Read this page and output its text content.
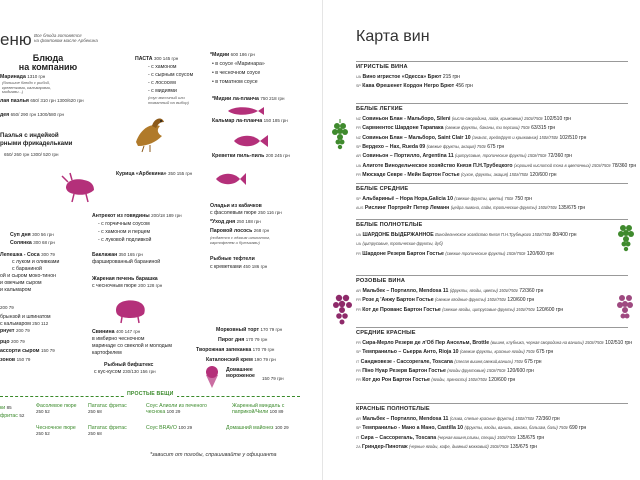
еню Все блюда готовятся
на флмповом масле Арбекина
Блюда
на компанию
Маринада 1310 грн
(большое блюдо с рыбой, креветками, кальмарами, мидиями...)
лая паэлья 650/ 310 грн 1300/620 грн
дея 650/ 290 грн 1300/580 грн
Паэлья с индейкой
рными фрикадельками
650/ 260 грн 1300/ 520 грн
Суп дня 300 56 грн
Солянка 300 68 грн
Лепешка - Соса 300 79
с луком и оливками
с бараниной
ой и сыром моко-тинон
и овечьим сыром
и кальмаром
200 79
брынзой и шпинатом
с кальмаром 250 112
рнует 200 79
рцо 200 79
ассорти сыром 150 79
зонов 150 79
ПАСТА 300 145 грн
- с хамоном
- с сырным соусом
- с лососем
- с мидиями
(соус мясочный или томатный на выбор)
Курица «Арбекина» 350 155 грн
Антрекот из говядины 200/18 189 грн
- с горчичным соусом
- с хамоном и перцем
- с луковой подливкой
Баклажан 350 165 грн
фаршированный бараниной
Жареная печень барашка
с чесночным пюре 200 128 грн
Свинина 400 147 грн
в имбирно чесночном
маринаде со свеклой и молодым
картофелем
Рыбный бифштекс
с кус-кусом 230/130 156 грн
*Мидии 600 186 грн
• в соусе «Маринара»
• в чесночном соусе
• в томатном соусе
*Мидии ла-планча 750 218 грн
Кальмар ла-планча 150 185 грн
Креветки пиль-пиль 200 245 грн
Оладьи из кабачков
с фасолевым пюре 250 116 грн
*Уход дня 250 188 грн
Паровой лосось 268 грн
(подается с лёгким шпинатом, картофелем и булочками)
Рыбные тефтели
с креветками 450 186 грн
Морковный торт 170 79 грн
Пирог дня 170 79 грн
Творожная запеканка 170 79 грн
Каталонский крем 190 79 грн
Домашнее мороженое	150 79 грн
ПРОСТЫЕ ВЕЩИ
ки 85
фритас 52
Фасолевое пюре 250 52
Пататас фритас 250 68
Соус Алиоли из печеного чеснока 100 29
Жаренный миндаль с паприкой/Чили 100 89
Чесночное пюре 250 52
Пататас фритас 250 68
Соус BRAVO 100 29	Домашний майонез 100 29
*зависит от погоды, спрашивайте у официанта
Карта вин
ИГРИСТЫЕ ВИНА
UA Вино игристое «Одесса» Брют 215 грн
SP Кава Фрешенет Кордон Негро Брют 456 грн
БЕЛЫЕ ЛЕГКИЕ
NZ Совиньон Блан - Мальборо, Sileni (кисло-смородина, лайм, крыжовник) 150г/750г 102/510 грн
FR Сармиентос Шардоне Тарапака (свежие фрукты, бананы, ти персики) 750г 63/315 грн
NZ Совиньон Блан – Мальборо, Saint Clair 10 (ананас, грейпфрут и крыжовник) 150г/750г 102/510 грн
SP Вердехо – Hax, Rueda 09 (свежие фрукты, акация) 750г 675 грн
AR Совиньон – Портилло, Argentina 11 (цитрусовые, тропические фрукты) 150г/750г 72/360 грн
UA Алиготе Винодельческое хозяйство Князя П.Н.Трубецкого (хорошей кислотой тона в цветочных) 150г/750г 78/360 грн
FR Мюскаде Севре - Мейн Бартон Гостье (сухое, фрукты, акация) 150г/750г 120/600 грн
БЕЛЫЕ СРЕДНИЕ
SP Альбариньё – Нора Нора,Galicia 10 (свежие фрукты, цветы) 750г 750 грн
AUS Рислинг Портрейт Петер Леманн (цедра лимона, лайм, тропические фрукты) 150г/750г 135/675 грн
БЕЛЫЕ ПОЛНОТЕЛЫЕ
UA ШАРДОНЕ ВЫДЕРЖАННОЕ Винодельческое хозяйство Князя П.Н.Трубецкого 150г/750г 80/400 грн
UA (цитрусовые, тропические фрукты, дуб)
FR Шардоне Резерв Бартон Гостье (свежие тропические фрукты) 150г/750г 120/600 грн
РОЗОВЫЕ ВИНА
AR Мальбек – Портилло, Mendosa 11 (фрукты, ягоды, цветы) 150г/750г 72/360 грн
FR Розе д 'Анжу Бартон Гостье (свежие ягодные фрукты) 150г/750г 120/600 грн
FR Кот де Прованс Бартон Гостье (свежие ягоды, цитрусовые фрукты) 150г/750г 120/600 грн
СРЕДНИЕ КРАСНЫЕ
FR Сира-Мерло Резерв де л'Об Пер Ансельм, Brottle (вишня, клубника, черная смородина на ванилы) 150г/750г 102/510 грн
SP Темпранильо – Сьерра Анто, Rioja 10 (свежие фрукты, красные ягоды) 750г 675 грн
IT Санджовезе - Сассорегале, Toscana (спелая вишня,свежий,ваниль) 750г 675 грн
FR Піно Нуар Резерв Бартон Гостье (ягоды фруктовые) 150г/750г 120/600 грн
FR Кот дю Рон Бартон Гостье (ягоды, пряности) 150г/750г 120/600 грн
КРАСНЫЕ ПОЛНОТЕЛЫЕ
AR Мальбек – Портилло, Mendosa 11 (слива, спелые красные фрукты) 150г/750г 72/360 грн
SP Темпранильо - Мано а Мано, Castilla 10 (фрукты, ягоды, ваниль, ванаки, бальзам, бали) 750г 690 грн
IT Сира – Сассорегаль, Toscana (черная вишня,сливы, специи) 150г/750г 135/675 грн
ZA Гриндер-Пинотаж (черные ягоды, кофе, дымный мокковый) 150г/750г 135/675 грн
